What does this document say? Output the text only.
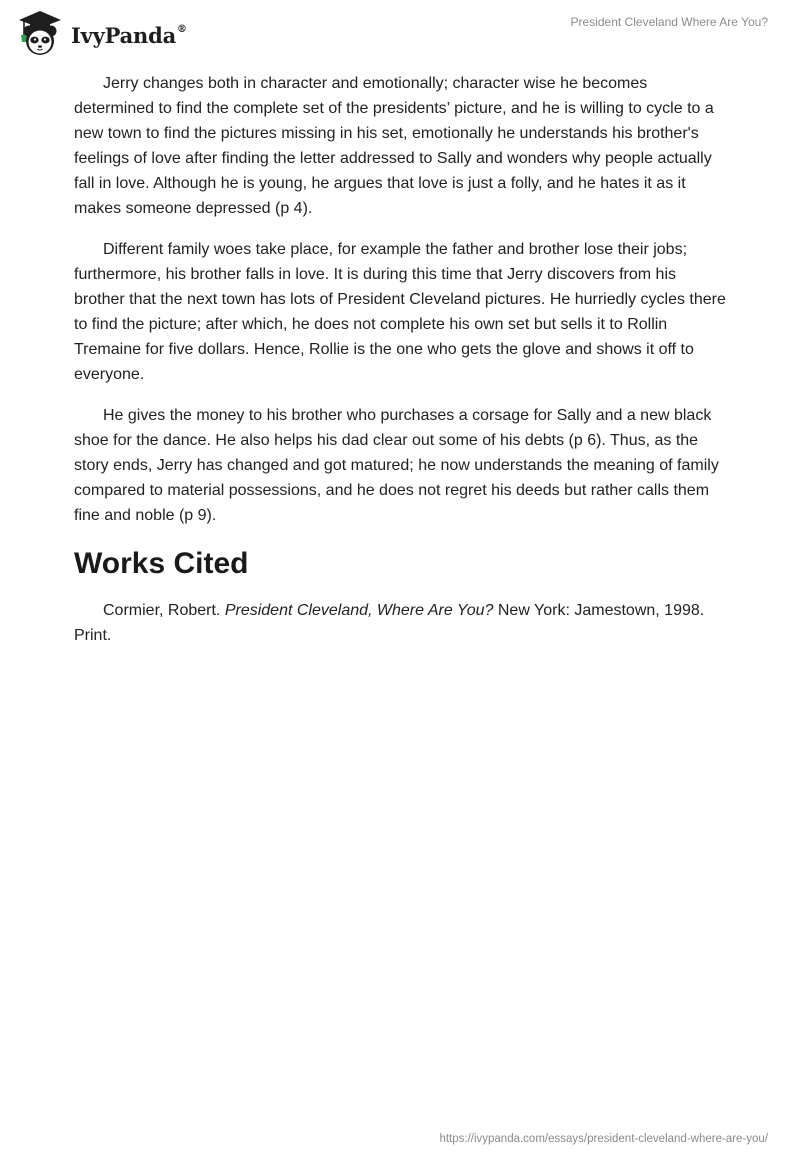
IvyPanda®	President Cleveland Where Are You?

Jerry changes both in character and emotionally; character wise he becomes determined to find the complete set of the presidents’ picture, and he is willing to cycle to a new town to find the pictures missing in his set, emotionally he understands his brother's feelings of love after finding the letter addressed to Sally and wonders why people actually fall in love. Although he is young, he argues that love is just a folly, and he hates it as it makes someone depressed (p 4).

Different family woes take place, for example the father and brother lose their jobs; furthermore, his brother falls in love. It is during this time that Jerry discovers from his brother that the next town has lots of President Cleveland pictures. He hurriedly cycles there to find the picture; after which, he does not complete his own set but sells it to Rollin Tremaine for five dollars. Hence, Rollie is the one who gets the glove and shows it off to everyone.

He gives the money to his brother who purchases a corsage for Sally and a new black shoe for the dance. He also helps his dad clear out some of his debts (p 6). Thus, as the story ends, Jerry has changed and got matured; he now understands the meaning of family compared to material possessions, and he does not regret his deeds but rather calls them fine and noble (p 9).

Works Cited

Cormier, Robert. President Cleveland, Where Are You? New York: Jamestown, 1998. Print.

https://ivypanda.com/essays/president-cleveland-where-are-you/
